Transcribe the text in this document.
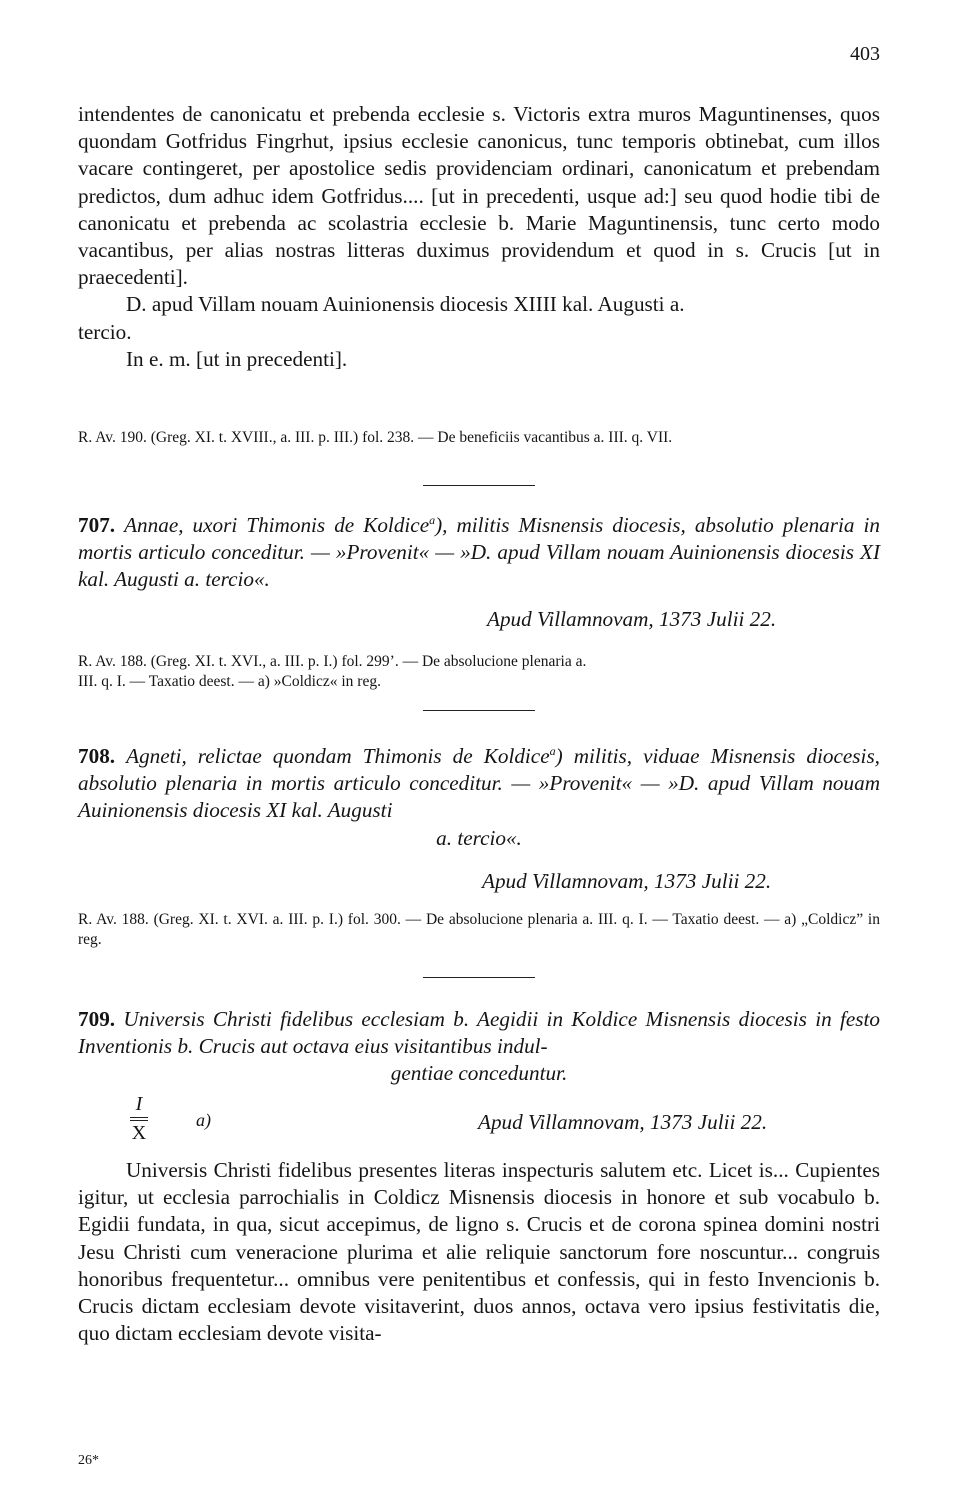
403

intendentes de canonicatu et prebenda ecclesie s. Victoris extra muros Maguntinenses, quos quondam Gotfridus Fingrhut, ipsius ecclesie canonicus, tunc temporis obtinebat, cum illos vacare contingeret, per apostolice sedis providenciam ordinari, canonicatum et prebendam predictos, dum adhuc idem Gotfridus.... [ut in precedenti, usque ad:] seu quod hodie tibi de canonicatu et prebenda ac scolastria ecclesie b. Marie Maguntinensis, tunc certo modo vacantibus, per alias nostras litteras duximus providendum et quod in s. Crucis [ut in praecedenti].

D. apud Villam nouam Auinionensis diocesis XIIII kal. Augusti a.

tercio.

In e. m. [ut in precedenti].

R. Av. 190. (Greg. XI. t. XVIII., a. III. p. III.) fol. 238. — De beneficiis vacantibus a. III. q. VII.

707. Annae, uxori Thimonis de Koldice$^a$), militis Misnensis diocesis, absolutio plenaria in mortis articulo conceditur. — »Provenit« — »D. apud Villam nouam Auinionensis diocesis XI kal. Augusti a. tercio«.

Apud Villamnovam, 1373 Julii 22.

R. Av. 188. (Greg. XI. t. XVI., a. III. p. I.) fol. 299’. — De absolucione plenaria a.

III. q. I. — Taxatio deest. — a) »Coldicz« in reg.

708. Agneti, relictae quondam Thimonis de Koldice$^a$) militis, viduae Misnensis diocesis, absolutio plenaria in mortis articulo conceditur. — »Provenit« — »D. apud Villam nouam Auinionensis diocesis XI kal. Augusti

a. tercio«.

Apud Villamnovam, 1373 Julii 22.

R. Av. 188. (Greg. XI. t. XVI. a. III. p. I.) fol. 300. — De absolucione plenaria a. III. q. I. — Taxatio deest. — a) „Coldicz” in reg.

709. Universis Christi fidelibus ecclesiam b. Aegidii in Koldice Misnensis diocesis in festo Inventionis b. Crucis aut octava eius visitantibus indul-

gentiae conceduntur.

I
X
a)	Apud Villamnovam, 1373 Julii 22.

Universis Christi fidelibus presentes literas inspecturis salutem etc. Licet is... Cupientes igitur, ut ecclesia parrochialis in Coldicz Misnensis diocesis in honore et sub vocabulo b. Egidii fundata, in qua, sicut accepimus, de ligno s. Crucis et de corona spinea domini nostri Jesu Christi cum veneracione plurima et alie reliquie sanctorum fore noscuntur... congruis honoribus frequentetur... omnibus vere penitentibus et confessis, qui in festo Invencionis b. Crucis dictam ecclesiam devote visitaverint, duos annos, octava vero ipsius festivitatis die, quo dictam ecclesiam devote visita-

26*
